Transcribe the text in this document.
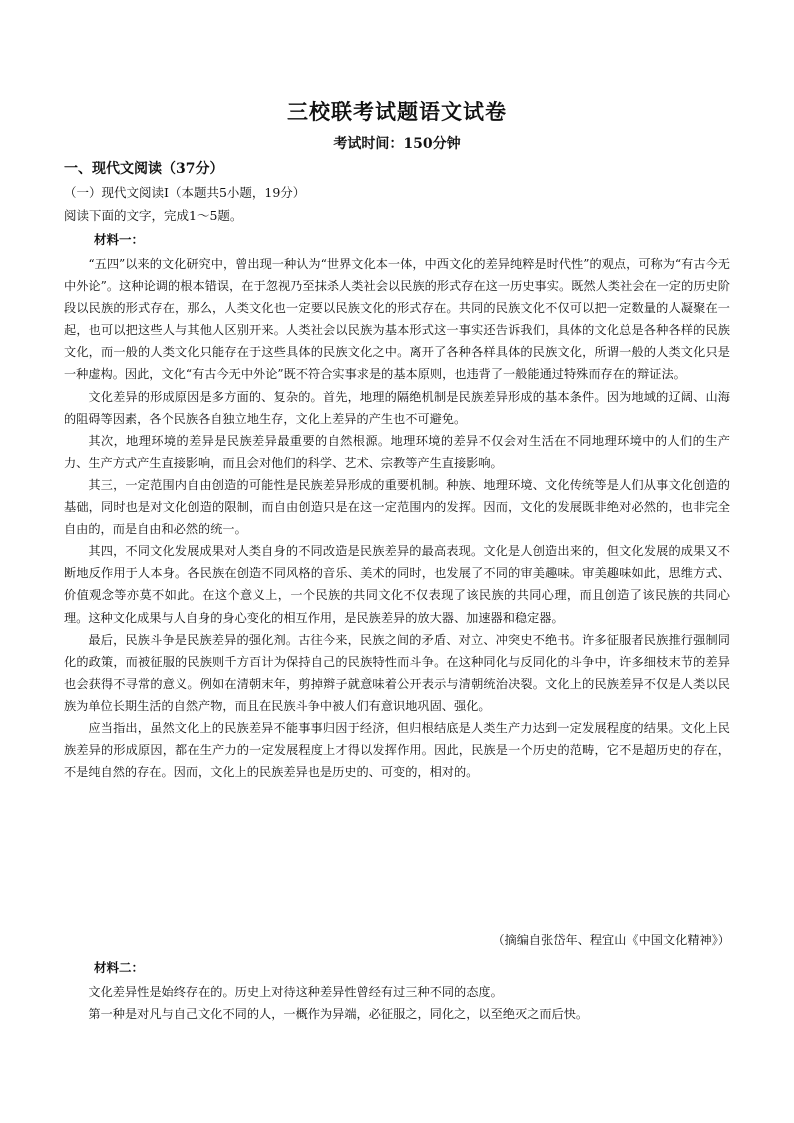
三校联考试题语文试卷
考试时间：150分钟
一、现代文阅读（37分）
（一）现代文阅读Ⅰ（本题共5小题，19分）
阅读下面的文字，完成1～5题。
材料一：

“五四”以来的文化研究中，曾出现一种认为“世界文化本一体，中西文化的差异纯粹是时代性”的观点，可称为“有古今无中外论”。这种论调的根本错误，在于忽视乃至抹杀人类社会以民族的形式存在这一历史事实。既然人类社会在一定的历史阶段以民族的形式存在，那么，人类文化也一定要以民族文化的形式存在。共同的民族文化不仅可以把一定数量的人凝聚在一起，也可以把这些人与其他人区别开来。人类社会以民族为基本形式这一事实还告诉我们，具体的文化总是各种各样的民族文化，而一般的人类文化只能存在于这些具体的民族文化之中。离开了各种各样具体的民族文化，所谓一般的人类文化只是一种虚构。因此，文化“有古今无中外论”既不符合实事求是的基本原则，也违背了一般能通过特殊而存在的辩证法。

文化差异的形成原因是多方面的、复杂的。首先，地理的隔绝机制是民族差异形成的基本条件。因为地域的辽阔、山海的阻碍等因素，各个民族各自独立地生存，文化上差异的产生也不可避免。

其次，地理环境的差异是民族差异最重要的自然根源。地理环境的差异不仅会对生活在不同地理环境中的人们的生产力、生产方式产生直接影响，而且会对他们的科学、艺术、宗教等产生直接影响。

其三，一定范围内自由创造的可能性是民族差异形成的重要机制。种族、地理环境、文化传统等是人们从事文化创造的基础，同时也是对文化创造的限制，而自由创造只是在这一定范围内的发挥。因而，文化的发展既非绝对必然的，也非完全自由的，而是自由和必然的统一。

其四，不同文化发展成果对人类自身的不同改造是民族差异的最高表现。文化是人创造出来的，但文化发展的成果又不断地反作用于人本身。各民族在创造不同风格的音乐、美术的同时，也发展了不同的审美趣味。审美趣味如此，思维方式、价值观念等亦莫不如此。在这个意义上，一个民族的共同文化不仅表现了该民族的共同心理，而且创造了该民族的共同心理。这种文化成果与人自身的身心变化的相互作用，是民族差异的放大器、加速器和稳定器。

最后，民族斗争是民族差异的强化剂。古往今来，民族之间的矛盾、对立、冲突史不绝书。许多征服者民族推行强制同化的政策，而被征服的民族则千方百计为保持自己的民族特性而斗争。在这种同化与反同化的斗争中，许多细枝末节的差异也会获得不寻常的意义。例如在清朝末年，剪掉辫子就意味着公开表示与清朝统治决裂。文化上的民族差异不仅是人类以民族为单位长期生活的自然产物，而且在民族斗争中被人们有意识地巩固、强化。

应当指出，虽然文化上的民族差异不能事事归因于经济，但归根结底是人类生产力达到一定发展程度的结果。文化上民族差异的形成原因，都在生产力的一定发展程度上才得以发挥作用。因此，民族是一个历史的范畴，它不是超历史的存在，不是纯自然的存在。因而，文化上的民族差异也是历史的、可变的，相对的。

（摘编自张岱年、程宜山《中国文化精神》）
材料二：

文化差异性是始终存在的。历史上对待这种差异性曾经有过三种不同的态度。

第一种是对凡与自己文化不同的人，一概作为异端，必征服之，同化之，以至绝灭之而后快。
